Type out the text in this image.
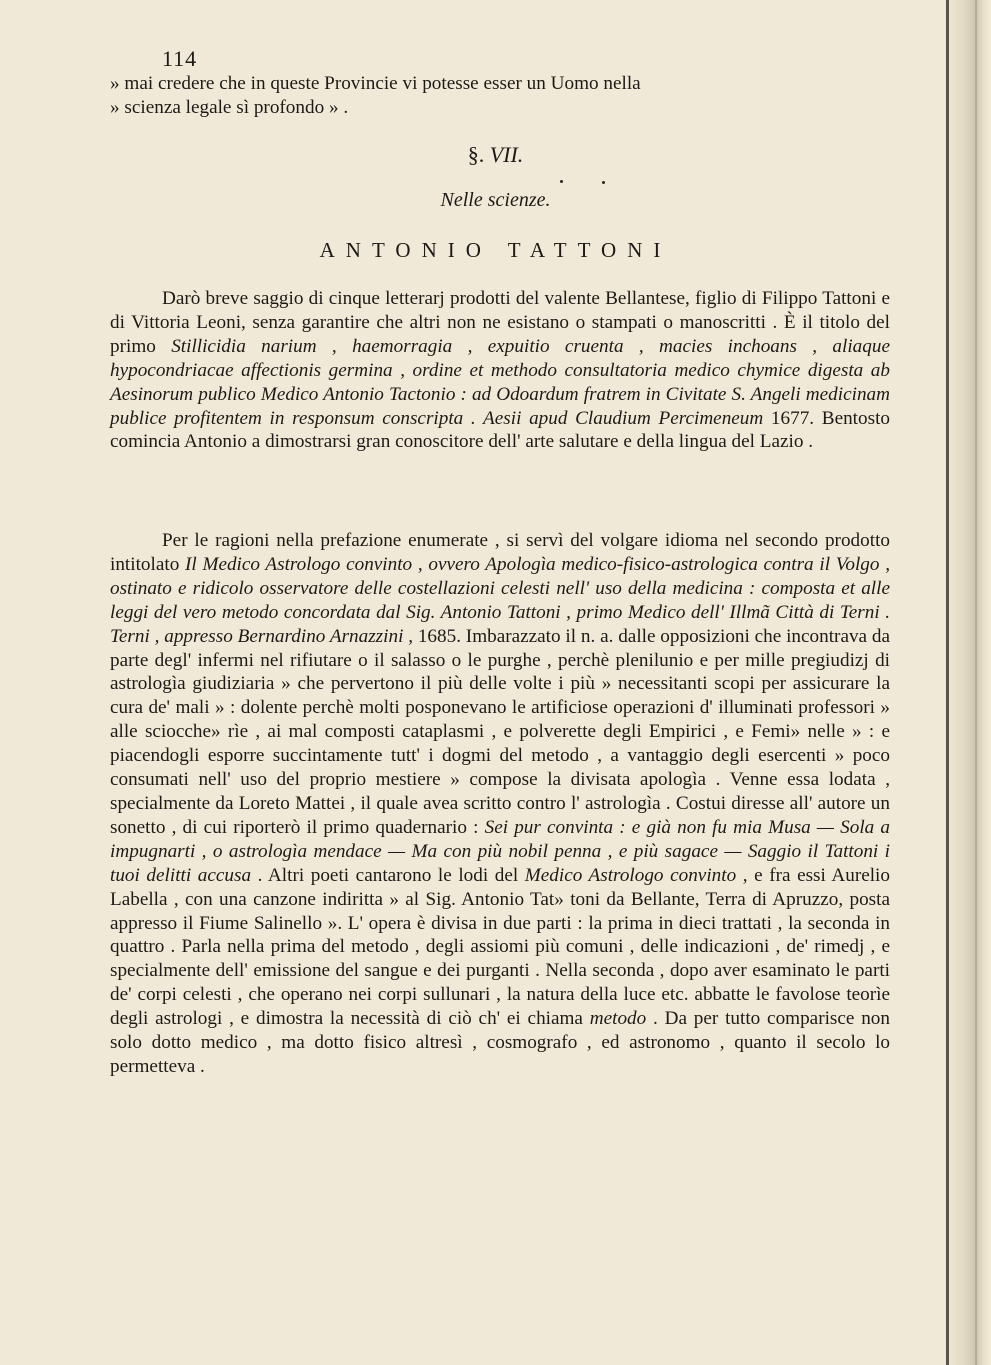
114
» mai credere che in queste Provincie vi potesse esser un Uomo nella
» scienza legale sì profondo » .
§. VII.
Nelle scienze.
ANTONIO TATTONI
Darò breve saggio di cinque letterarj prodotti del valente Bellantese, figlio di Filippo Tattoni e di Vittoria Leoni, senza garantire che altri non ne esistano o stampati o manoscritti . È il titolo del primo Stillicidia narium , haemorragia , expuitio cruenta , macies inchoans , aliaque hypocondriacae affectionis germina , ordine et methodo consultatoria medico chymice digesta ab Aesinorum publico Medico Antonio Tactonio : ad Odoardum fratrem in Civitate S. Angeli medicinam publice profitentem in responsum conscripta . Aesii apud Claudium Percimeneum 1677. Bentosto comincia Antonio a dimostrarsi gran conoscitore dell' arte salutare e della lingua del Lazio .
Per le ragioni nella prefazione enumerate , si servì del volgare idioma nel secondo prodotto intitolato Il Medico Astrologo convinto , ovvero Apologìa medico-fisico-astrologica contra il Volgo , ostinato e ridicolo osservatore delle costellazioni celesti nell' uso della medicina : composta et alle leggi del vero metodo concordata dal Sig. Antonio Tattoni , primo Medico dell' Illmã Città di Terni . Terni , appresso Bernardino Arnazzini , 1685. Imbarazzato il n. a. dalle opposizioni che incontrava da parte degl' infermi nel rifiutare o il salasso o le purghe , perchè plenilunio e per mille pregiudizj di astrologìa giudiziaria » che pervertono il più delle volte i più » necessitanti scopi per assicurare la cura de' mali » : dolente perchè molti posponevano le artificiose operazioni d' illuminati professori » alle sciocche» rìe , ai mal composti cataplasmi , e polverette degli Empirici , e Femi» nelle » : e piacendogli esporre succintamente tutt' i dogmi del metodo , a vantaggio degli esercenti » poco consumati nell' uso del proprio mestiere » compose la divisata apologìa . Venne essa lodata , specialmente da Loreto Mattei , il quale avea scritto contro l' astrologìa . Costui diresse all' autore un sonetto , di cui riporterò il primo quadernario : Sei pur convinta : e già non fu mia Musa — Sola a impugnarti , o astrologìa mendace — Ma con più nobil penna , e più sagace — Saggio il Tattoni i tuoi delitti accusa . Altri poeti cantarono le lodi del Medico Astrologo convinto , e fra essi Aurelio Labella , con una canzone indiritta » al Sig. Antonio Tat» toni da Bellante, Terra di Apruzzo, posta appresso il Fiume Salinello ». L' opera è divisa in due parti : la prima in dieci trattati , la seconda in quattro . Parla nella prima del metodo , degli assiomi più comuni , delle indicazioni , de' rimedj , e specialmente dell' emissione del sangue e dei purganti . Nella seconda , dopo aver esaminato le parti de' corpi celesti , che operano nei corpi sullunari , la natura della luce etc. abbatte le favolose teorìe degli astrologi , e dimostra la necessità di ciò ch' ei chiama metodo . Da per tutto comparisce non solo dotto medico , ma dotto fisico altresì , cosmografo , ed astronomo , quanto il secolo lo permetteva .
